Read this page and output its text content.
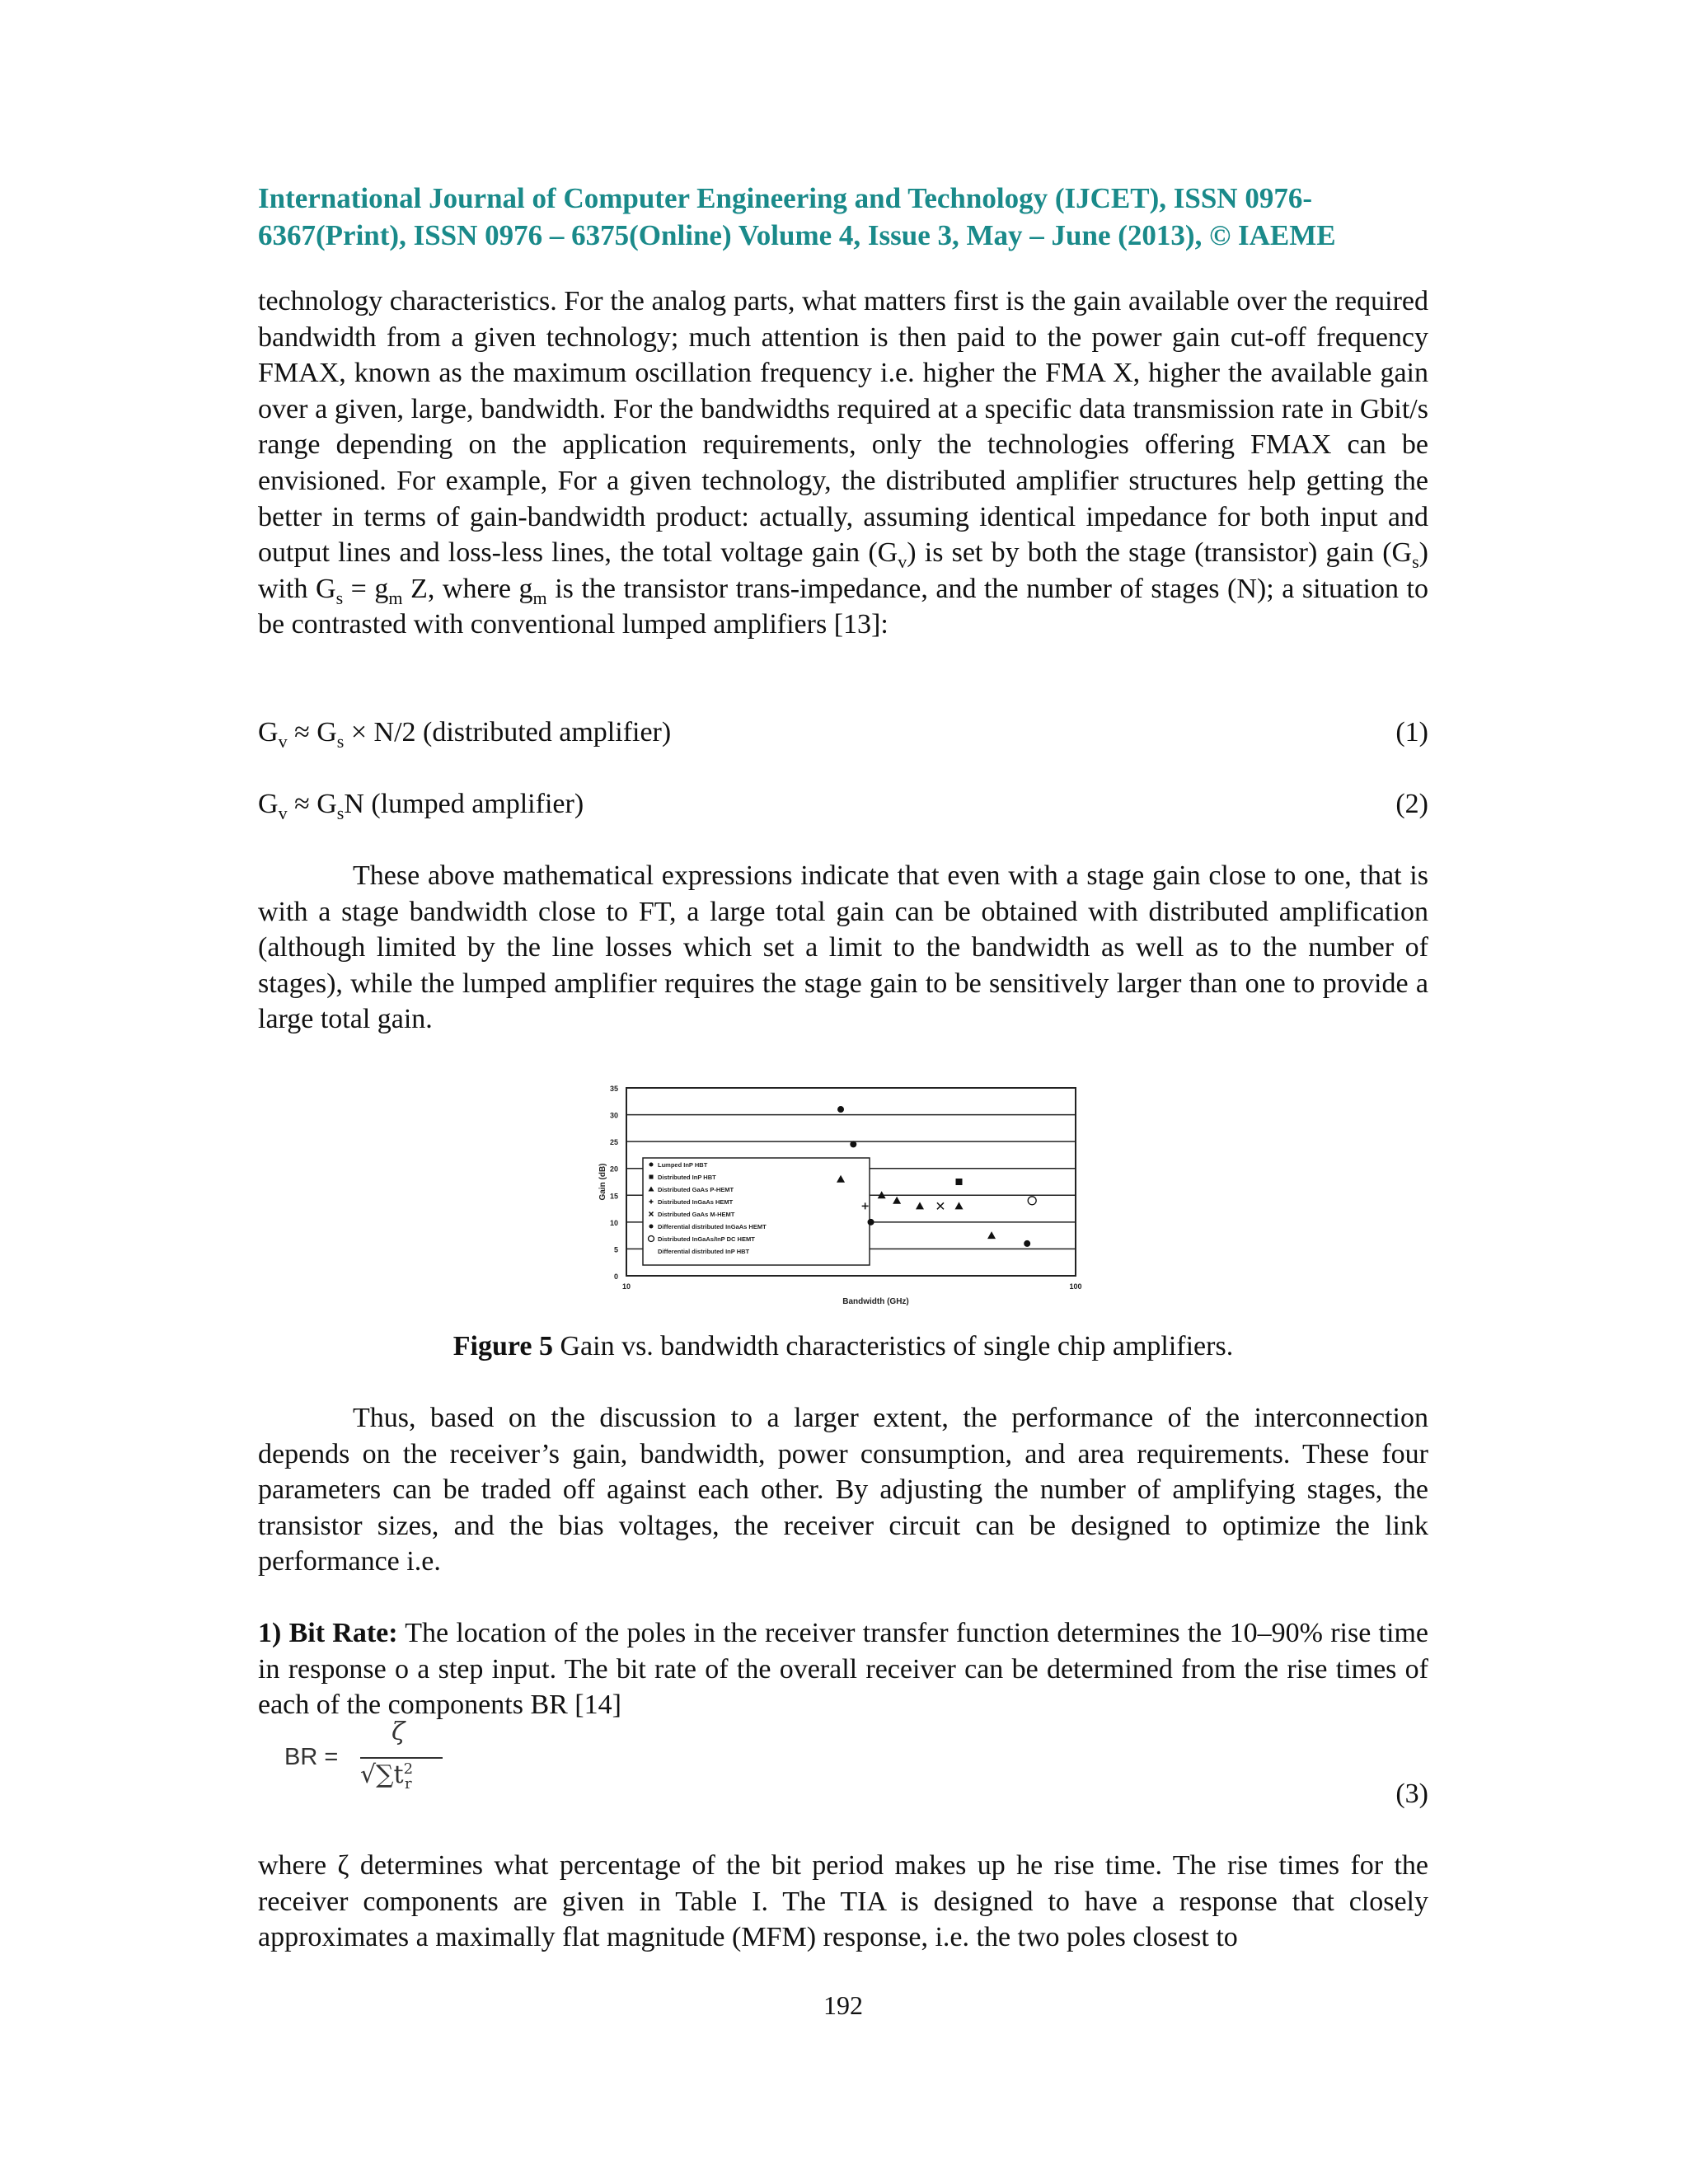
International Journal of Computer Engineering and Technology (IJCET), ISSN 0976-
6367(Print), ISSN 0976 – 6375(Online) Volume 4, Issue 3, May – June (2013), © IAEME
technology characteristics. For the analog parts, what matters first is the gain available over the required bandwidth from a given technology; much attention is then paid to the power gain cut-off frequency FMAX, known as the maximum oscillation frequency i.e. higher the FMA X, higher the available gain over a given, large, bandwidth. For the bandwidths required at a specific data transmission rate in Gbit/s range depending on the application requirements, only the technologies offering FMAX can be envisioned. For example, For a given technology, the distributed amplifier structures help getting the better in terms of gain-bandwidth product: actually, assuming identical impedance for both input and output lines and loss-less lines, the total voltage gain $(G_v)$ is set by both the stage (transistor) gain $(G_s)$ with $G_s = g_m$ Z, where $g_m$ is the transistor trans-impedance, and the number of stages (N); a situation to be contrasted with conventional lumped amplifiers [13]:
$G_v \approx G_s \times N/2$ (distributed amplifier)	(1)
$G_v \approx G_sN$ (lumped amplifier)	(2)
These above mathematical expressions indicate that even with a stage gain close to one, that is with a stage bandwidth close to FT, a large total gain can be obtained with distributed amplification (although limited by the line losses which set a limit to the bandwidth as well as to the number of stages), while the lumped amplifier requires the stage gain to be sensitively larger than one to provide a large total gain.
0
5
10
15
20
25
30
35
10	100
Bandwidth (GHz)
Gain (dB)	Lumped InP HBT
Distributed InP HBT
Distributed GaAs P-HEMT
Distributed InGaAs HEMT
Distributed GaAs M-HEMT
Differential distributed InGaAs HEMT
Distributed InGaAs/InP DC HEMT
Differential distributed InP HBT
Figure 5 Gain vs. bandwidth characteristics of single chip amplifiers.
Thus, based on the discussion to a larger extent, the performance of the interconnection depends on the receiver’s gain, bandwidth, power consumption, and area requirements. These four parameters can be traded off against each other. By adjusting the number of amplifying stages, the transistor sizes, and the bias voltages, the receiver circuit can be designed to optimize the link performance i.e.
1) Bit Rate: The location of the poles in the receiver transfer function determines the 10–90% rise time in response o a step input. The bit rate of the overall receiver can be determined from the rise times of each of the components BR [14]
BR =
ζ
$√\sum t^2_r$	(3)
where ζ determines what percentage of the bit period makes up he rise time. The rise times for the receiver components are given in Table I. The TIA is designed to have a response that closely approximates a maximally flat magnitude (MFM) response, i.e. the two poles closest to
192
